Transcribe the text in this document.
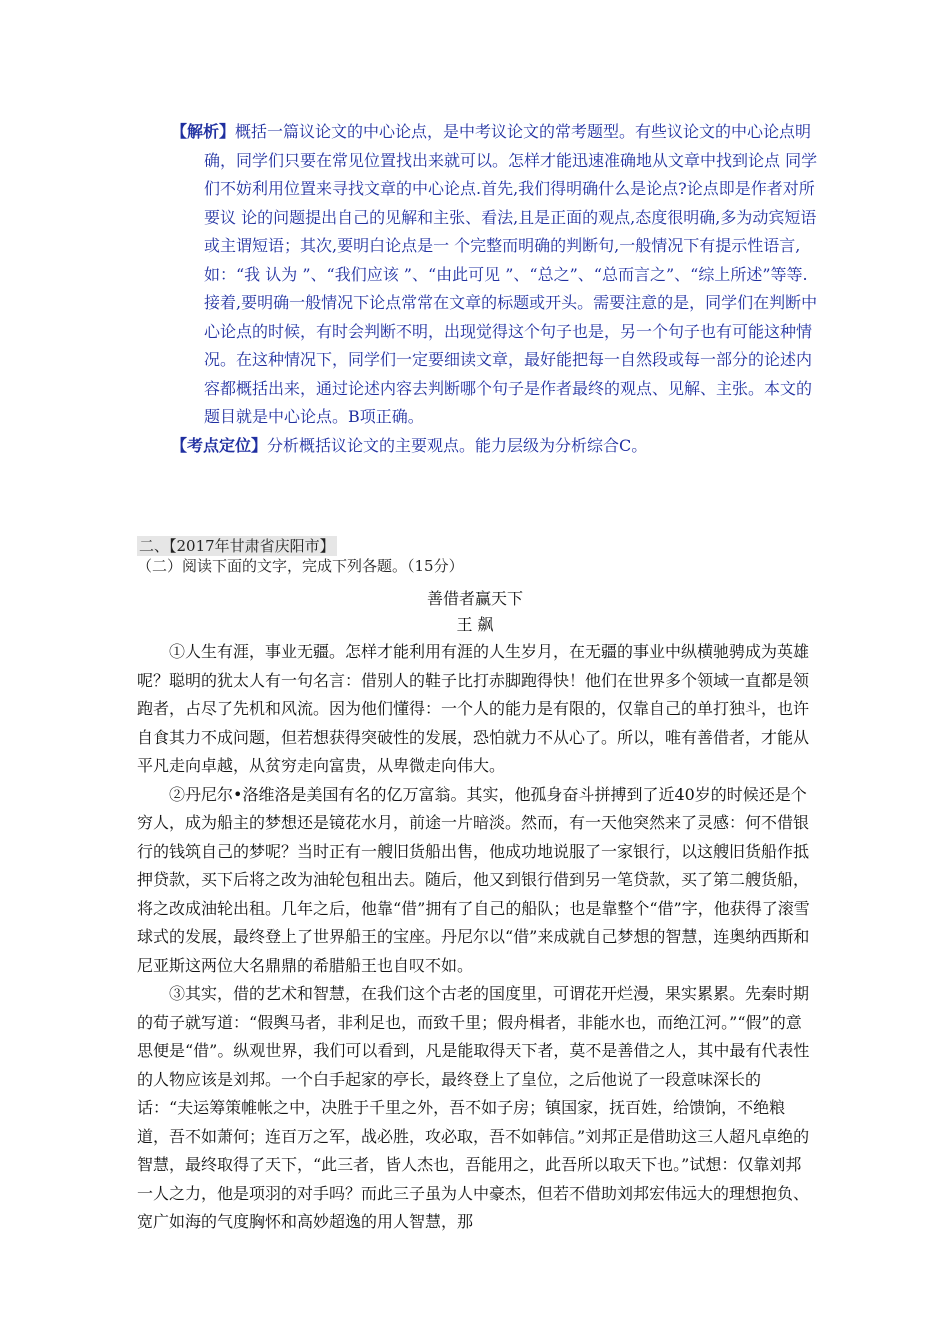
【解析】概括一篇议论文的中心论点，是中考议论文的常考题型。有些议论文的中心论点明确，同学们只要在常见位置找出来就可以。怎样才能迅速准确地从文章中找到论点 同学们不妨利用位置来寻找文章的中心论点.首先,我们得明确什么是论点?论点即是作者对所要议 论的问题提出自己的见解和主张、看法,且是正面的观点,态度很明确,多为动宾短语或主谓短语；其次,要明白论点是一 个完整而明确的判断句,一般情况下有提示性语言,如：“我 认为 ”、“我们应该 ”、“由此可见 ”、“总之”、“总而言之”、“综上所述”等等.接着,要明确一般情况下论点常常在文章的标题或开头。需要注意的是，同学们在判断中心论点的时候，有时会判断不明，出现觉得这个句子也是，另一个句子也有可能这种情况。在这种情况下，同学们一定要细读文章，最好能把每一自然段或每一部分的论述内容都概括出来，通过论述内容去判断哪个句子是作者最终的观点、见解、主张。本文的题目就是中心论点。B项正确。

【考点定位】分析概括议论文的主要观点。能力层级为分析综合C。

二、【2017年甘肃省庆阳市】
（二）阅读下面的文字，完成下列各题。（15分）
善借者赢天下
王 飙

①人生有涯，事业无疆。怎样才能利用有涯的人生岁月，在无疆的事业中纵横驰骋成为英雄呢？聪明的犹太人有一句名言：借别人的鞋子比打赤脚跑得快！他们在世界多个领域一直都是领跑者，占尽了先机和风流。因为他们懂得：一个人的能力是有限的，仅靠自己的单打独斗，也许自食其力不成问题，但若想获得突破性的发展，恐怕就力不从心了。所以，唯有善借者，才能从平凡走向卓越，从贫穷走向富贵，从卑微走向伟大。

②丹尼尔•洛维洛是美国有名的亿万富翁。其实，他孤身奋斗拼搏到了近40岁的时候还是个穷人，成为船主的梦想还是镜花水月，前途一片暗淡。然而，有一天他突然来了灵感：何不借银行的钱筑自己的梦呢？当时正有一艘旧货船出售，他成功地说服了一家银行，以这艘旧货船作抵押贷款，买下后将之改为油轮包租出去。随后，他又到银行借到另一笔贷款，买了第二艘货船，将之改成油轮出租。几年之后，他靠“借”拥有了自己的船队；也是靠整个“借”字，他获得了滚雪球式的发展，最终登上了世界船王的宝座。丹尼尔以“借”来成就自己梦想的智慧，连奥纳西斯和尼亚斯这两位大名鼎鼎的希腊船王也自叹不如。

③其实，借的艺术和智慧，在我们这个古老的国度里，可谓花开烂漫，果实累累。先秦时期的荀子就写道：“假舆马者，非利足也，而致千里；假舟楫者，非能水也，而绝江河。”“假”的意思便是“借”。纵观世界，我们可以看到，凡是能取得天下者，莫不是善借之人，其中最有代表性的人物应该是刘邦。一个白手起家的亭长，最终登上了皇位，之后他说了一段意味深长的话：“夫运筹策帷帐之中，决胜于千里之外，吾不如子房；镇国家，抚百姓，给馈饷，不绝粮道，吾不如萧何；连百万之军，战必胜，攻必取，吾不如韩信。”刘邦正是借助这三人超凡卓绝的智慧，最终取得了天下，“此三者，皆人杰也，吾能用之，此吾所以取天下也。”试想：仅靠刘邦一人之力，他是项羽的对手吗？而此三子虽为人中豪杰，但若不借助刘邦宏伟远大的理想抱负、宽广如海的气度胸怀和高妙超逸的用人智慧，那
